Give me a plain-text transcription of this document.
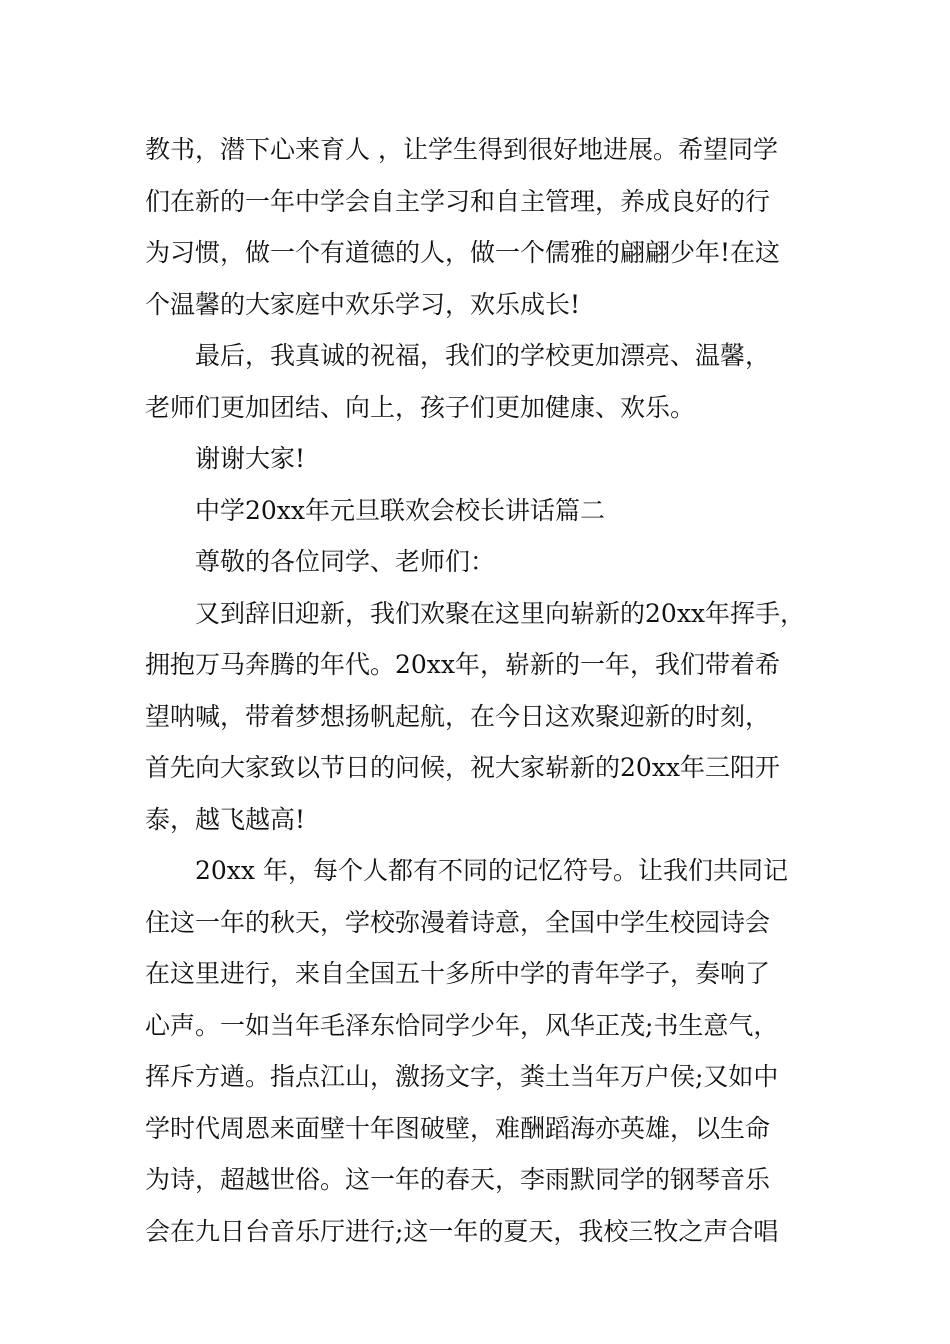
教书，潜下心来育人 ，让学生得到很好地进展。希望同学
们在新的一年中学会自主学习和自主管理，养成良好的行
为习惯，做一个有道德的人，做一个儒雅的翩翩少年!在这
个温馨的大家庭中欢乐学习，欢乐成长!
最后，我真诚的祝福，我们的学校更加漂亮、温馨，
老师们更加团结、向上，孩子们更加健康、欢乐。
谢谢大家!
中学20xx年元旦联欢会校长讲话篇二
尊敬的各位同学、老师们：
又到辞旧迎新，我们欢聚在这里向崭新的20xx年挥手，
拥抱万马奔腾的年代。20xx年，崭新的一年，我们带着希
望呐喊，带着梦想扬帆起航，在今日这欢聚迎新的时刻，
首先向大家致以节日的问候，祝大家崭新的20xx年三阳开
泰，越飞越高!
20xx 年，每个人都有不同的记忆符号。让我们共同记
住这一年的秋天，学校弥漫着诗意，全国中学生校园诗会
在这里进行，来自全国五十多所中学的青年学子，奏响了
心声。一如当年毛泽东恰同学少年，风华正茂;书生意气，
挥斥方遒。指点江山，激扬文字，粪土当年万户侯;又如中
学时代周恩来面壁十年图破壁，难酬蹈海亦英雄，以生命
为诗，超越世俗。这一年的春天，李雨默同学的钢琴音乐
会在九日台音乐厅进行;这一年的夏天，我校三牧之声合唱
